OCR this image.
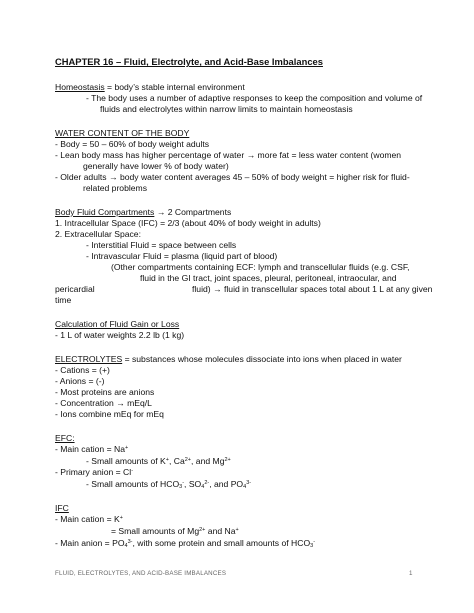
CHAPTER 16 – Fluid, Electrolyte, and Acid-Base Imbalances
Homeostasis = body’s stable internal environment
- The body uses a number of adaptive responses to keep the composition and volume of
fluids and electrolytes within narrow limits to maintain homeostasis
WATER CONTENT OF THE BODY
- Body = 50 – 60% of body weight adults
- Lean body mass has higher percentage of water → more fat = less water content (women
generally have lower % of body water)
- Older adults → body water content averages 45 – 50% of body weight = higher risk for fluid-
related problems
Body Fluid Compartments → 2 Compartments
1. Intracellular Space (IFC) = 2/3 (about 40% of body weight in adults)
2. Extracellular Space:
- Interstitial Fluid = space between cells
- Intravascular Fluid = plasma (liquid part of blood)
(Other compartments containing ECF: lymph and transcellular fluids (e.g. CSF,
fluid in the GI tract, joint spaces, pleural, peritoneal, intraocular, and
pericardial	fluid) → fluid in transcellular spaces total about 1 L at any given
time
Calculation of Fluid Gain or Loss
- 1 L of water weights 2.2 lb (1 kg)
ELECTROLYTES = substances whose molecules dissociate into ions when placed in water
- Cations = (+)
- Anions = (-)
- Most proteins are anions
- Concentration → mEq/L
- Ions combine mEq for mEq
EFC:
- Main cation = Na+
- Small amounts of K+, $Ca^{2+}$, and $Mg^{2+}$
- Primary anion = Cl-
- Small amounts of HCO3-, $SO4^{2-}$, and $PO4^{3-}$
IFC
- Main cation = K+
= Small amounts of $Mg^{2+}$ and Na+
- Main anion = $PO4^{3-}$, with some protein and small amounts of HCO3-
FLUID, ELECTROLYTES, AND ACID-BASE IMBALANCES	1
